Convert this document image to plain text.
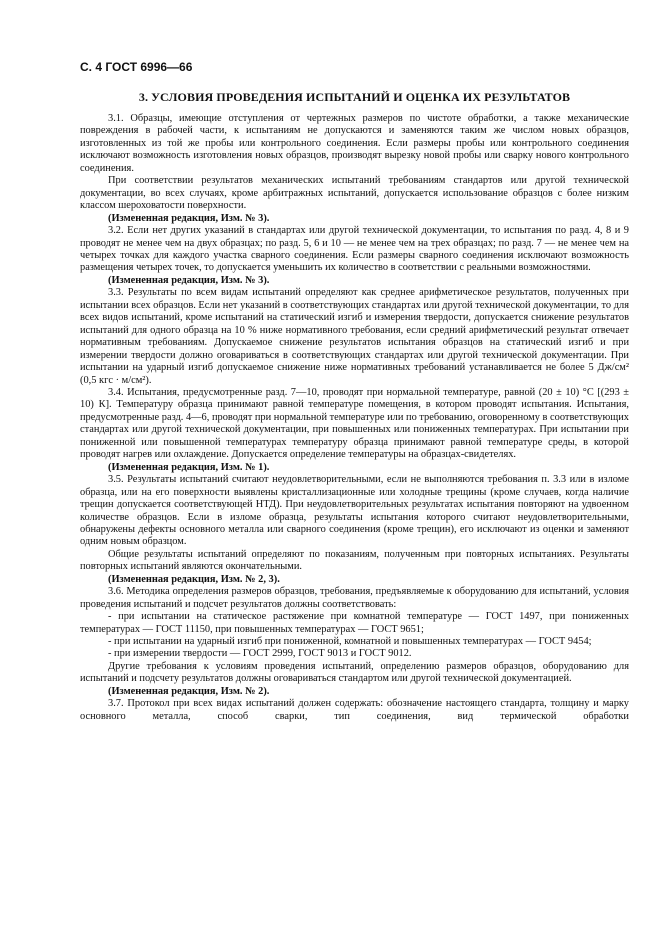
С. 4 ГОСТ 6996—66
3. УСЛОВИЯ ПРОВЕДЕНИЯ ИСПЫТАНИЙ И ОЦЕНКА ИХ РЕЗУЛЬТАТОВ

3.1. Образцы, имеющие отступления от чертежных размеров по чистоте обработки, а также механические повреждения в рабочей части, к испытаниям не допускаются и заменяются таким же числом новых образцов, изготовленных из той же пробы или контрольного соединения. Если размеры пробы или контрольного соединения исключают возможность изготовления новых образцов, производят вырезку новой пробы или сварку нового контрольного соединения.

При соответствии результатов механических испытаний требованиям стандартов или другой технической документации, во всех случаях, кроме арбитражных испытаний, допускается использование образцов с более низким классом шероховатости поверхности.

(Измененная редакция, Изм. № 3).

3.2. Если нет других указаний в стандартах или другой технической документации, то испытания по разд. 4, 8 и 9 проводят не менее чем на двух образцах; по разд. 5, 6 и 10 — не менее чем на трех образцах; по разд. 7 — не менее чем на четырех точках для каждого участка сварного соединения. Если размеры сварного соединения исключают возможность размещения четырех точек, то допускается уменьшить их количество в соответствии с реальными возможностями.

(Измененная редакция, Изм. № 3).

3.3. Результаты по всем видам испытаний определяют как среднее арифметическое результатов, полученных при испытании всех образцов. Если нет указаний в соответствующих стандартах или другой технической документации, то для всех видов испытаний, кроме испытаний на статический изгиб и измерения твердости, допускается снижение результатов испытаний для одного образца на 10 % ниже нормативного требования, если средний арифметический результат отвечает нормативным требованиям. Допускаемое снижение результатов испытания образцов на статический изгиб и при измерении твердости должно оговариваться в соответствующих стандартах или другой технической документации. При испытании на ударный изгиб допускаемое снижение ниже нормативных требований устанавливается не более 5 Дж/см² (0,5 кгс · м/см²).

3.4. Испытания, предусмотренные разд. 7—10, проводят при нормальной температуре, равной (20 ± 10) °С [(293 ± 10) К]. Температуру образца принимают равной температуре помещения, в котором проводят испытания. Испытания, предусмотренные разд. 4—6, проводят при нормальной температуре или по требованию, оговоренному в соответствующих стандартах или другой технической документации, при повышенных или пониженных температурах. При испытании при пониженной или повышенной температурах температуру образца принимают равной температуре среды, в которой проводят нагрев или охлаждение. Допускается определение температуры на образцах-свидетелях.

(Измененная редакция, Изм. № 1).

3.5. Результаты испытаний считают неудовлетворительными, если не выполняются требования п. 3.3 или в изломе образца, или на его поверхности выявлены кристаллизационные или холодные трещины (кроме случаев, когда наличие трещин допускается соответствующей НТД). При неудовлетворительных результатах испытания повторяют на удвоенном количестве образцов. Если в изломе образца, результаты испытания которого считают неудовлетворительными, обнаружены дефекты основного металла или сварного соединения (кроме трещин), его исключают из оценки и заменяют одним новым образцом.

Общие результаты испытаний определяют по показаниям, полученным при повторных испытаниях. Результаты повторных испытаний являются окончательными.

(Измененная редакция, Изм. № 2, 3).

3.6. Методика определения размеров образцов, требования, предъявляемые к оборудованию для испытаний, условия проведения испытаний и подсчет результатов должны соответствовать:

- при испытании на статическое растяжение при комнатной температуре — ГОСТ 1497, при пониженных температурах — ГОСТ 11150, при повышенных температурах — ГОСТ 9651;

- при испытании на ударный изгиб при пониженной, комнатной и повышенных температурах — ГОСТ 9454;

- при измерении твердости — ГОСТ 2999, ГОСТ 9013 и ГОСТ 9012.

Другие требования к условиям проведения испытаний, определению размеров образцов, оборудованию для испытаний и подсчету результатов должны оговариваться стандартом или другой технической документацией.

(Измененная редакция, Изм. № 2).

3.7. Протокол при всех видах испытаний должен содержать: обозначение настоящего стандарта, толщину и марку основного металла, способ сварки, тип соединения, вид термической обработки
